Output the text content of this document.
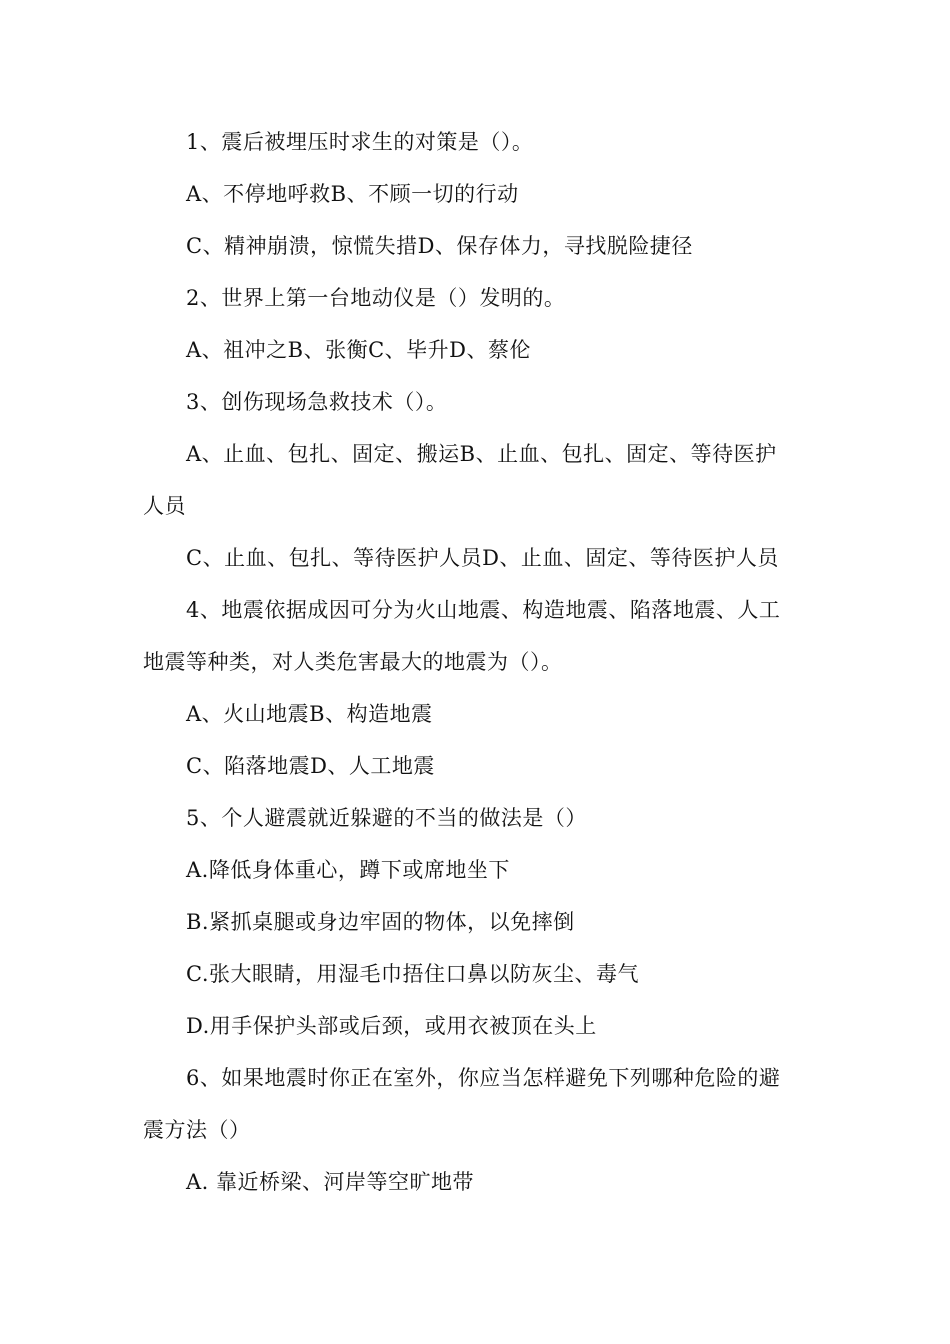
1、震后被埋压时求生的对策是（）。
A、不停地呼救B、不顾一切的行动
C、精神崩溃，惊慌失措D、保存体力，寻找脱险捷径
2、世界上第一台地动仪是（）发明的。
A、祖冲之B、张衡C、毕升D、蔡伦
3、创伤现场急救技术（）。
A、止血、包扎、固定、搬运B、止血、包扎、固定、等待医护
人员
C、止血、包扎、等待医护人员D、止血、固定、等待医护人员
4、地震依据成因可分为火山地震、构造地震、陷落地震、人工
地震等种类，对人类危害最大的地震为（）。
A、火山地震B、构造地震
C、陷落地震D、人工地震
5、个人避震就近躲避的不当的做法是（）
A.降低身体重心，蹲下或席地坐下
B.紧抓桌腿或身边牢固的物体，以免摔倒
C.张大眼睛，用湿毛巾捂住口鼻以防灰尘、毒气
D.用手保护头部或后颈，或用衣被顶在头上
6、如果地震时你正在室外，你应当怎样避免下列哪种危险的避
震方法（）
A. 靠近桥梁、河岸等空旷地带
